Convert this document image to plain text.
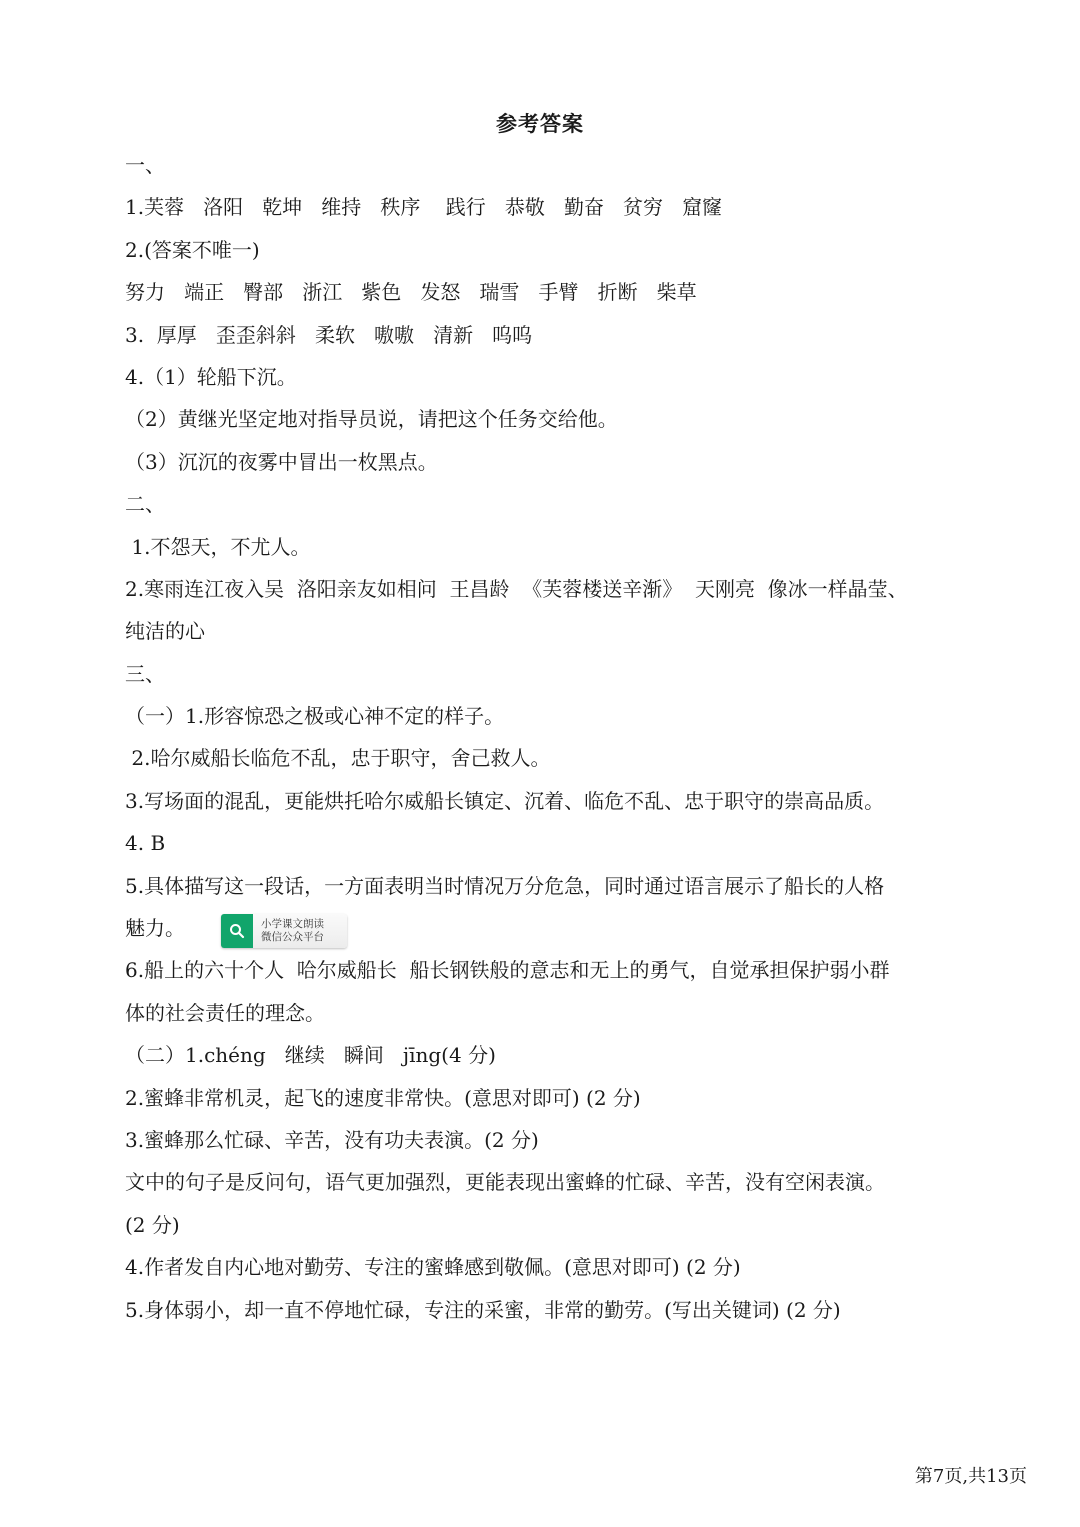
参考答案
一、
1.芙蓉   洛阳   乾坤   维持   秩序    践行   恭敬   勤奋   贫穷   窟窿
2.(答案不唯一)
努力   端正   臀部   浙江   紫色   发怒   瑞雪   手臂   折断   柴草
3.  厚厚   歪歪斜斜   柔软   嗷嗷   清新   呜呜
4.（1）轮船下沉。
（2）黄继光坚定地对指导员说，请把这个任务交给他。
（3）沉沉的夜雾中冒出一枚黑点。
二、
1.不怨天，不尤人。
2.寒雨连江夜入吴  洛阳亲友如相问  王昌龄  《芙蓉楼送辛渐》  天刚亮  像冰一样晶莹、
纯洁的心
三、
（一）1.形容惊恐之极或心神不定的样子。
2.哈尔威船长临危不乱，忠于职守，舍己救人。
3.写场面的混乱，更能烘托哈尔威船长镇定、沉着、临危不乱、忠于职守的崇高品质。
4. B
5.具体描写这一段话，一方面表明当时情况万分危急，同时通过语言展示了船长的人格
魅力。
6.船上的六十个人  哈尔威船长  船长钢铁般的意志和无上的勇气，自觉承担保护弱小群
体的社会责任的理念。
（二）1.chéng   继续   瞬间   jīng(4 分)
2.蜜蜂非常机灵，起飞的速度非常快。(意思对即可) (2 分)
3.蜜蜂那么忙碌、辛苦，没有功夫表演。(2 分)
文中的句子是反问句，语气更加强烈，更能表现出蜜蜂的忙碌、辛苦，没有空闲表演。
(2 分)
4.作者发自内心地对勤劳、专注的蜜蜂感到敬佩。(意思对即可) (2 分)
5.身体弱小，却一直不停地忙碌，专注的采蜜，非常的勤劳。(写出关键词) (2 分)
小学课文朗读
微信公众平台
第7页,共13页
